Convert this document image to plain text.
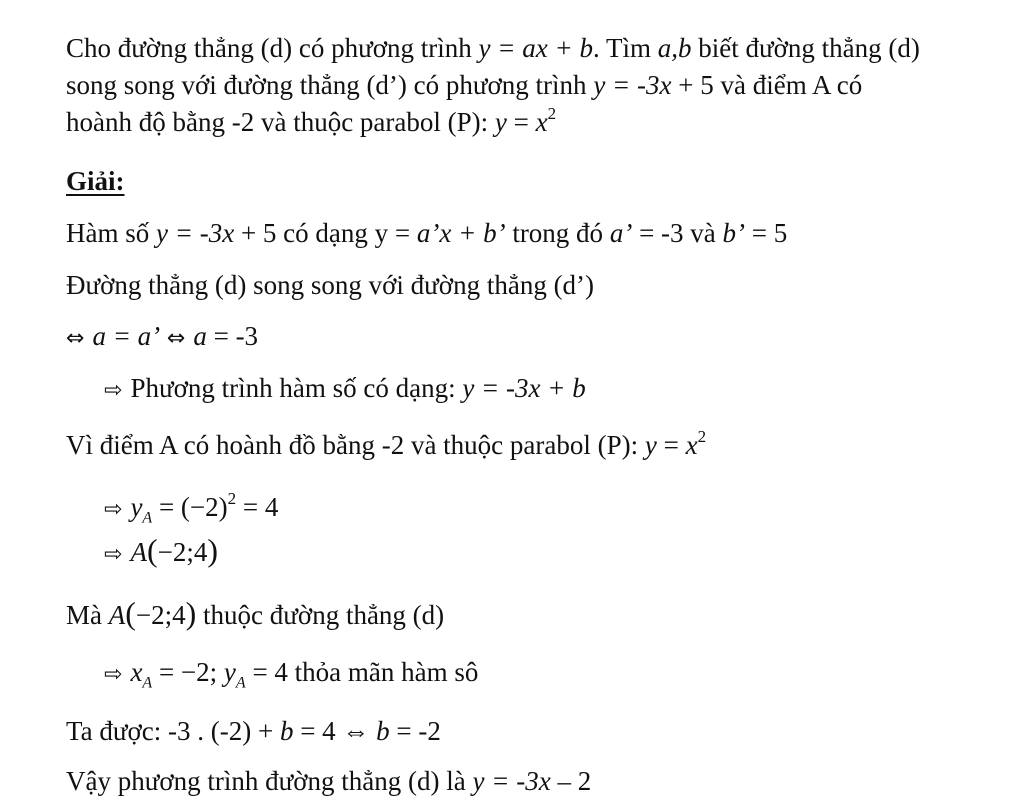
Cho đường thẳng (d) có phương trình y = ax + b. Tìm a,b biết đường thẳng (d)
song song với đường thẳng (d’) có phương trình y = -3x + 5 và điểm A có
hoành độ bằng -2 và thuộc parabol (P): $y = x^2$
Giải:
Hàm số y = -3x + 5 có dạng y = a’x + b’ trong đó a’ = -3 và b’ = 5
Đường thẳng (d) song song với đường thẳng (d’)
⇔ a = a’ ⇔ a = -3
⇨ Phương trình hàm số có dạng: y = -3x + b
Vì điểm A có hoành đồ bằng -2 và thuộc parabol (P): $y = x^2$
⇨ $y_A = (-2)^2 = 4$
⇨ A(−2;4)
Mà A(−2;4) thuộc đường thẳng (d)
⇨ $x_A = -2$; $y_A = 4$ thỏa mãn hàm sô
Ta được: -3 . (-2) + b = 4 ⇔ b = -2
Vậy phương trình đường thẳng (d) là y = -3x – 2
